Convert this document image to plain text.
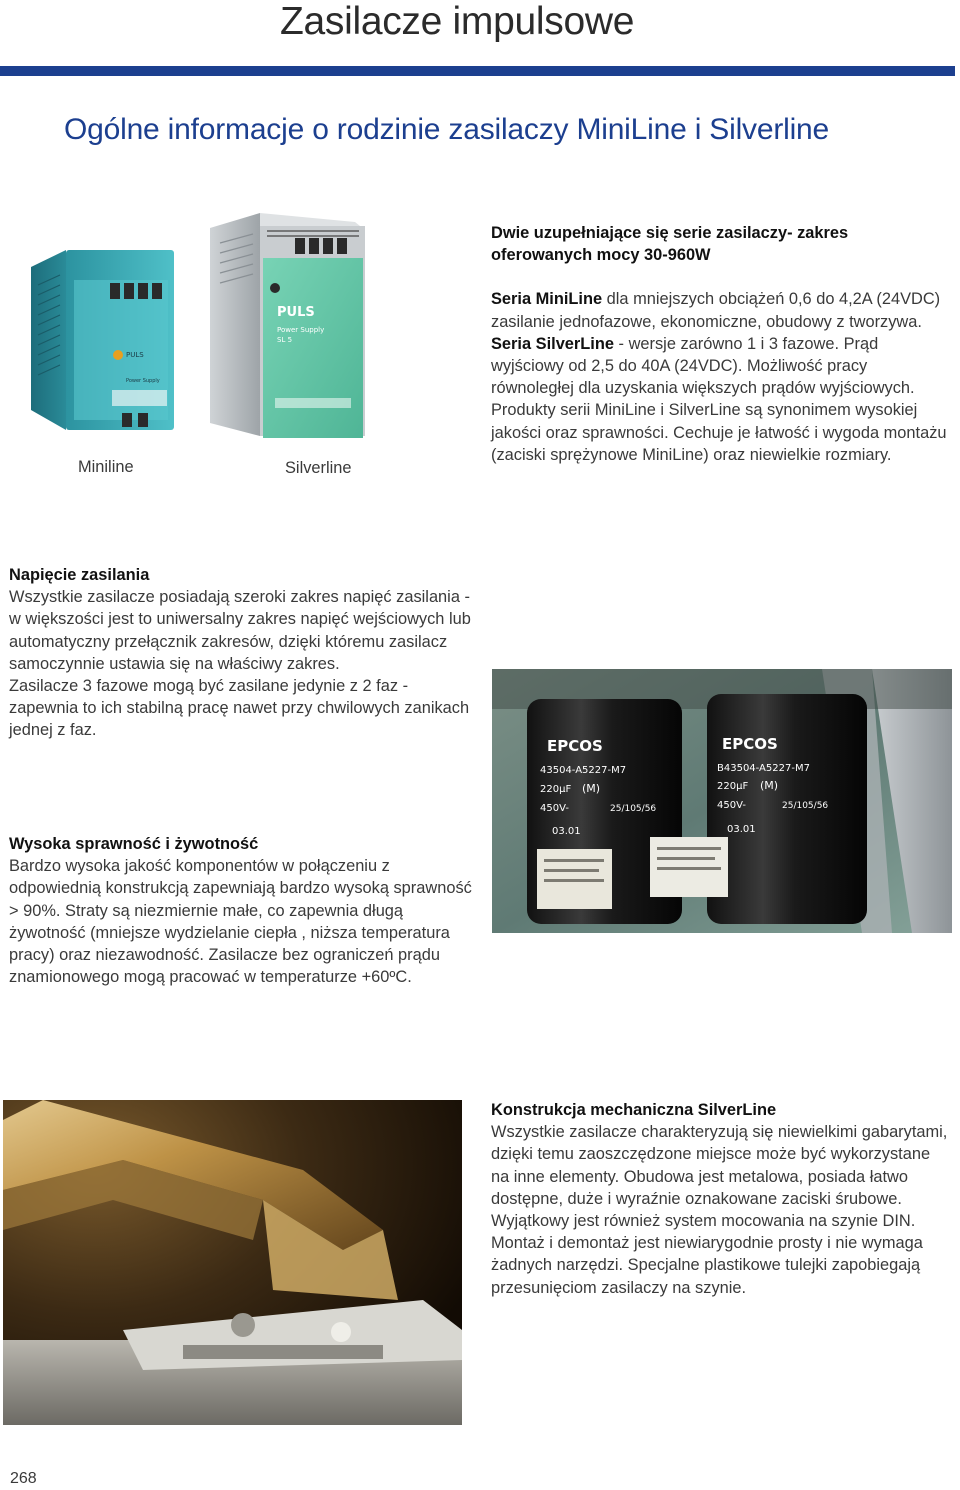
Zasilacze impulsowe
Ogólne informacje o rodzinie zasilaczy MiniLine i Silverline
PULS
Power Supply
PULS
Power Supply
SL 5
Miniline	Silverline
Dwie uzupełniające się serie zasilaczy- zakres oferowanych mocy 30-960W
Seria MiniLine dla mniejszych obciążeń 0,6 do 4,2A (24VDC) zasilanie jednofazowe, ekonomiczne, obudowy z tworzywa.
Seria SilverLine - wersje zarówno 1 i 3 fazowe. Prąd wyjściowy od 2,5 do 40A (24VDC). Możliwość pracy równoległej dla uzyskania większych prądów wyjściowych.
Produkty serii MiniLine i SilverLine są synonimem wysokiej jakości oraz sprawności. Cechuje je łatwość i wygoda montażu (zaciski sprężynowe MiniLine) oraz niewielkie rozmiary.
Napięcie zasilania
Wszystkie zasilacze posiadają szeroki zakres napięć zasilania - w większości jest to uniwersalny zakres napięć wejściowych lub automatyczny przełącznik zakresów, dzięki któremu zasilacz samoczynnie ustawia się na właściwy zakres.
Zasilacze 3 fazowe mogą być zasilane jedynie z 2 faz - zapewnia to ich stabilną pracę nawet przy chwilowych zanikach jednej z faz.
EPCOS
43504-A5227-M7
220µF (M)
450V-	25/105/56
03.01
EPCOS
B43504-A5227-M7
220µF (M)
450V-	25/105/56
03.01
Wysoka sprawność i żywotność
Bardzo wysoka jakość komponentów w połączeniu z odpowiednią konstrukcją zapewniają bardzo wysoką sprawność > 90%. Straty są niezmiernie małe, co zapewnia długą żywotność (mniejsze wydzielanie ciepła , niższa temperatura pracy) oraz niezawodność. Zasilacze bez ograniczeń prądu znamionowego mogą pracować w temperaturze +60ºC.
Konstrukcja mechaniczna SilverLine
Wszystkie zasilacze charakteryzują się niewielkimi gabarytami, dzięki temu zaoszczędzone miejsce może być wykorzystane na inne elementy. Obudowa jest metalowa, posiada łatwo dostępne, duże i wyraźnie oznakowane zaciski śrubowe. Wyjątkowy jest również system mocowania na szynie DIN. Montaż i demontaż jest niewiarygodnie prosty i nie wymaga żadnych narzędzi. Specjalne plastikowe tulejki zapobiegają przesunięciom zasilaczy na szynie.
268
